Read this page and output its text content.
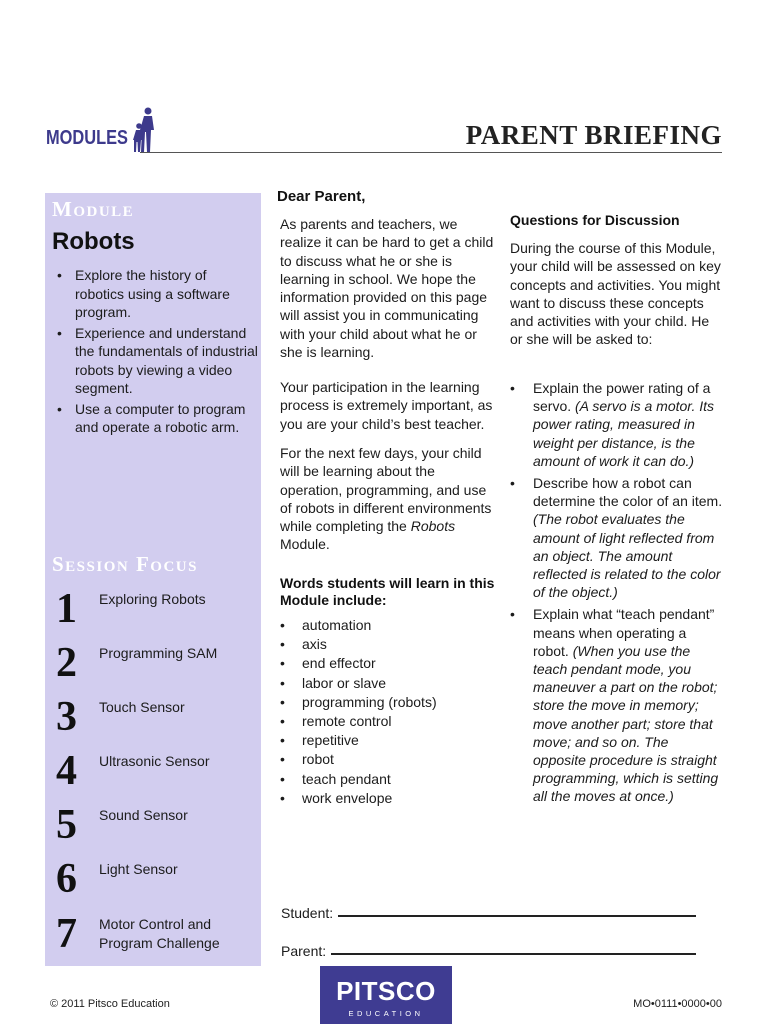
MODULES	PARENT BRIEFING
Module
Robots
• Explore the history of robotics using a software program.
• Experience and understand the fundamentals of industrial robots by viewing a video segment.
• Use a computer to program and operate a robotic arm.
Session Focus
1 Exploring Robots
2 Programming SAM
3 Touch Sensor
4 Ultrasonic Sensor
5 Sound Sensor
6 Light Sensor
7 Motor Control and Program Challenge
Dear Parent,
As parents and teachers, we realize it can be hard to get a child to discuss what he or she is learning in school. We hope the information provided on this page will assist you in communicating with your child about what he or she is learning.
Your participation in the learning process is extremely important, as you are your child’s best teacher.
For the next few days, your child will be learning about the operation, programming, and use of robots in different environments while completing the Robots Module.
Words students will learn in this Module include:
• automation
• axis
• end effector
• labor or slave
• programming (robots)
• remote control
• repetitive
• robot
• teach pendant
• work envelope
Questions for Discussion
During the course of this Module, your child will be assessed on key concepts and activities. You might want to discuss these concepts and activities with your child. He or she will be asked to:
• Explain the power rating of a servo. (A servo is a motor. Its power rating, measured in weight per distance, is the amount of work it can do.)
• Describe how a robot can determine the color of an item. (The robot evaluates the amount of light reflected from an object. The amount reflected is related to the color of the object.)
• Explain what “teach pendant” means when operating a robot. (When you use the teach pendant mode, you maneuver a part on the robot; store the move in memory; move another part; store that move; and so on. The opposite procedure is straight programming, which is setting all the moves at once.)
Student:
Parent:
© 2011 Pitsco Education	PITSCO
EDUCATION
MO•0111•0000•00
